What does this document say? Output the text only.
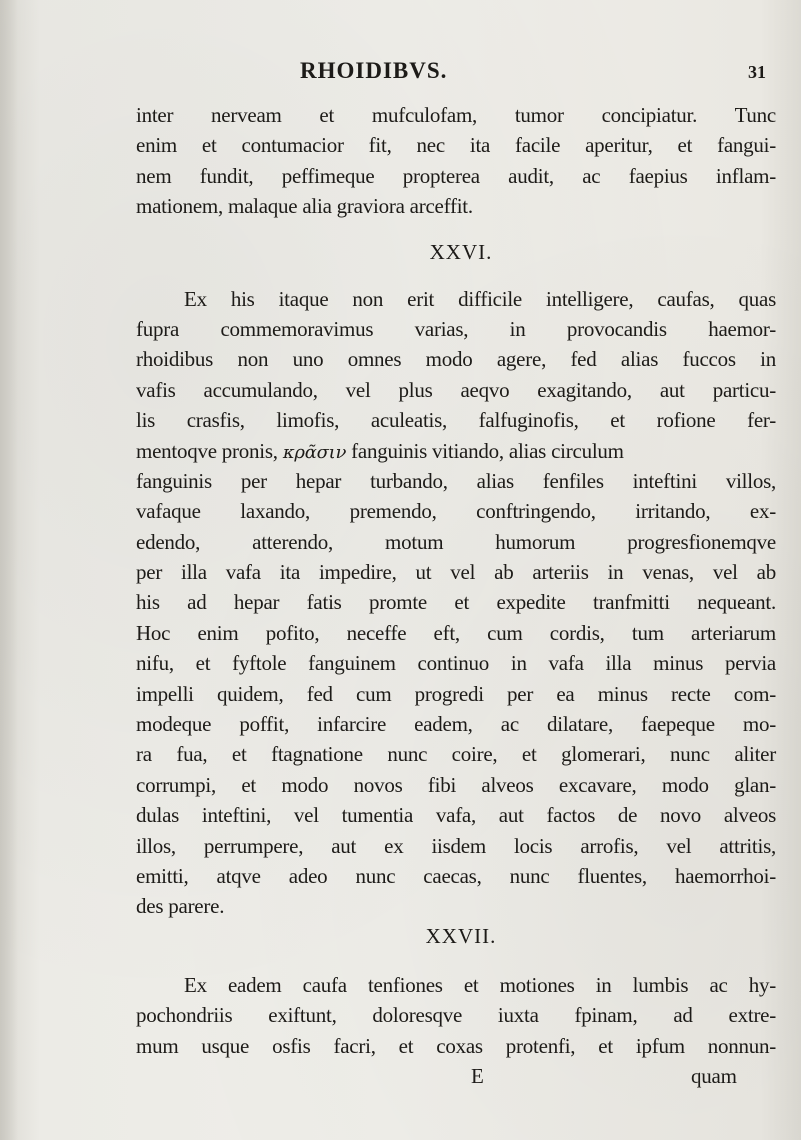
RHOIDIBVS.	31
inter nerveam et mufculofam, tumor concipiatur. Tunc
enim et contumacior fit, nec ita facile aperitur, et fangui-
nem fundit, peffimeque propterea audit, ac faepius inflam-
mationem, malaque alia graviora arceffit.
XXVI.
Ex his itaque non erit difficile intelligere, caufas, quas
fupra commemoravimus varias, in provocandis haemor-
rhoidibus non uno omnes modo agere, fed alias fuccos in
vafis accumulando, vel plus aeqvo exagitando, aut particu-
lis crasfis, limofis, aculeatis, falfuginofis, et rofione fer-
mentoqve pronis, κρᾶσιν fanguinis vitiando, alias circulum
fanguinis per hepar turbando, alias fenfiles inteftini villos,
vafaque laxando, premendo, conftringendo, irritando, ex-
edendo, atterendo, motum humorum progresfionemqve
per illa vafa ita impedire, ut vel ab arteriis in venas, vel ab
his ad hepar fatis promte et expedite tranfmitti nequeant.
Hoc enim pofito, neceffe eft, cum cordis, tum arteriarum
nifu, et fyftole fanguinem continuo in vafa illa minus pervia
impelli quidem, fed cum progredi per ea minus recte com-
modeque poffit, infarcire eadem, ac dilatare, faepeque mo-
ra fua, et ftagnatione nunc coire, et glomerari, nunc aliter
corrumpi, et modo novos fibi alveos excavare, modo glan-
dulas inteftini, vel tumentia vafa, aut factos de novo alveos
illos, perrumpere, aut ex iisdem locis arrofis, vel attritis,
emitti, atqve adeo nunc caecas, nunc fluentes, haemorrhoi-
des parere.
XXVII.
Ex eadem caufa tenfiones et motiones in lumbis ac hy-
pochondriis exiftunt, doloresqve iuxta fpinam, ad extre-
mum usque osfis facri, et coxas protenfi, et ipfum nonnun-
E	quam
